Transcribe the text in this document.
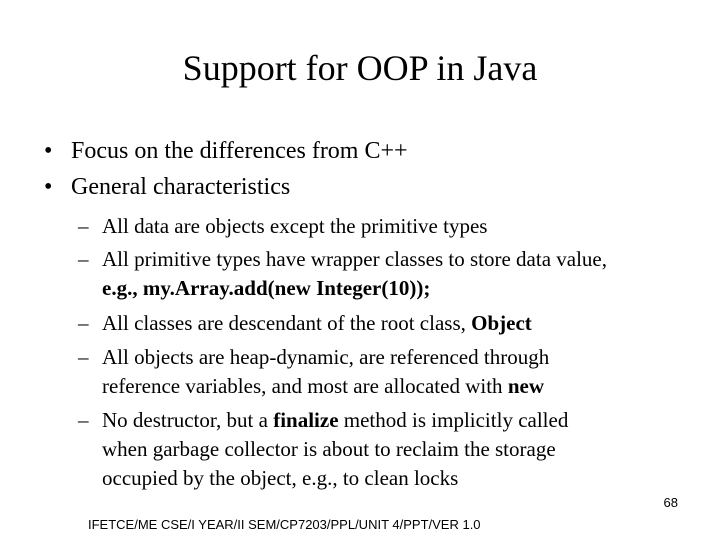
Support for OOP in Java
• Focus on the differences from C++
• General characteristics
– All data are objects except the primitive types
– All primitive types have wrapper classes to store data value,
e.g., my.Array.add(new Integer(10));
– All classes are descendant of the root class, Object
– All objects are heap-dynamic, are referenced through
reference variables, and most are allocated with new
– No destructor, but a finalize method is implicitly called
when garbage collector is about to reclaim the storage
occupied by the object, e.g., to clean locks
68
IFETCE/ME CSE/I YEAR/II SEM/CP7203/PPL/UNIT 4/PPT/VER 1.0
